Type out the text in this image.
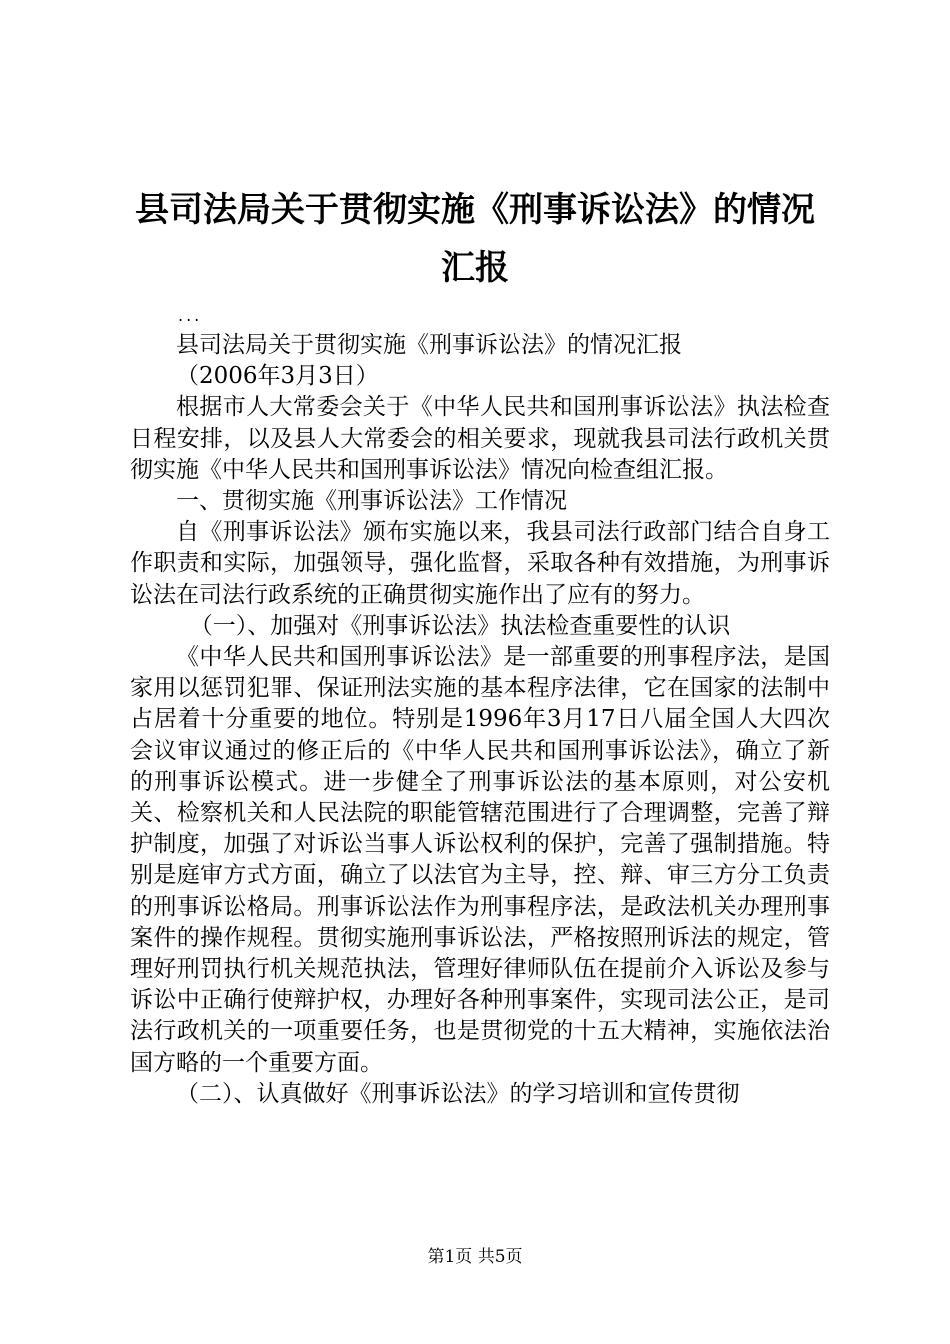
县司法局关于贯彻实施《刑事诉讼法》的情况
汇报
...

县司法局关于贯彻实施《刑事诉讼法》的情况汇报

（2006年3月3日）

根据市人大常委会关于《中华人民共和国刑事诉讼法》执法检查日程安排，以及县人大常委会的相关要求，现就我县司法行政机关贯彻实施《中华人民共和国刑事诉讼法》情况向检查组汇报。

一、贯彻实施《刑事诉讼法》工作情况

自《刑事诉讼法》颁布实施以来，我县司法行政部门结合自身工作职责和实际，加强领导，强化监督，采取各种有效措施，为刑事诉讼法在司法行政系统的正确贯彻实施作出了应有的努力。

（一）、加强对《刑事诉讼法》执法检查重要性的认识

《中华人民共和国刑事诉讼法》是一部重要的刑事程序法，是国家用以惩罚犯罪、保证刑法实施的基本程序法律，它在国家的法制中占居着十分重要的地位。特别是1996年3月17日八届全国人大四次会议审议通过的修正后的《中华人民共和国刑事诉讼法》，确立了新的刑事诉讼模式。进一步健全了刑事诉讼法的基本原则，对公安机关、检察机关和人民法院的职能管辖范围进行了合理调整，完善了辩护制度，加强了对诉讼当事人诉讼权利的保护，完善了强制措施。特别是庭审方式方面，确立了以法官为主导，控、辩、审三方分工负责的刑事诉讼格局。刑事诉讼法作为刑事程序法，是政法机关办理刑事案件的操作规程。贯彻实施刑事诉讼法，严格按照刑诉法的规定，管理好刑罚执行机关规范执法，管理好律师队伍在提前介入诉讼及参与诉讼中正确行使辩护权，办理好各种刑事案件，实现司法公正，是司法行政机关的一项重要任务，也是贯彻党的十五大精神，实施依法治国方略的一个重要方面。

（二）、认真做好《刑事诉讼法》的学习培训和宣传贯彻

第1页 共5页
